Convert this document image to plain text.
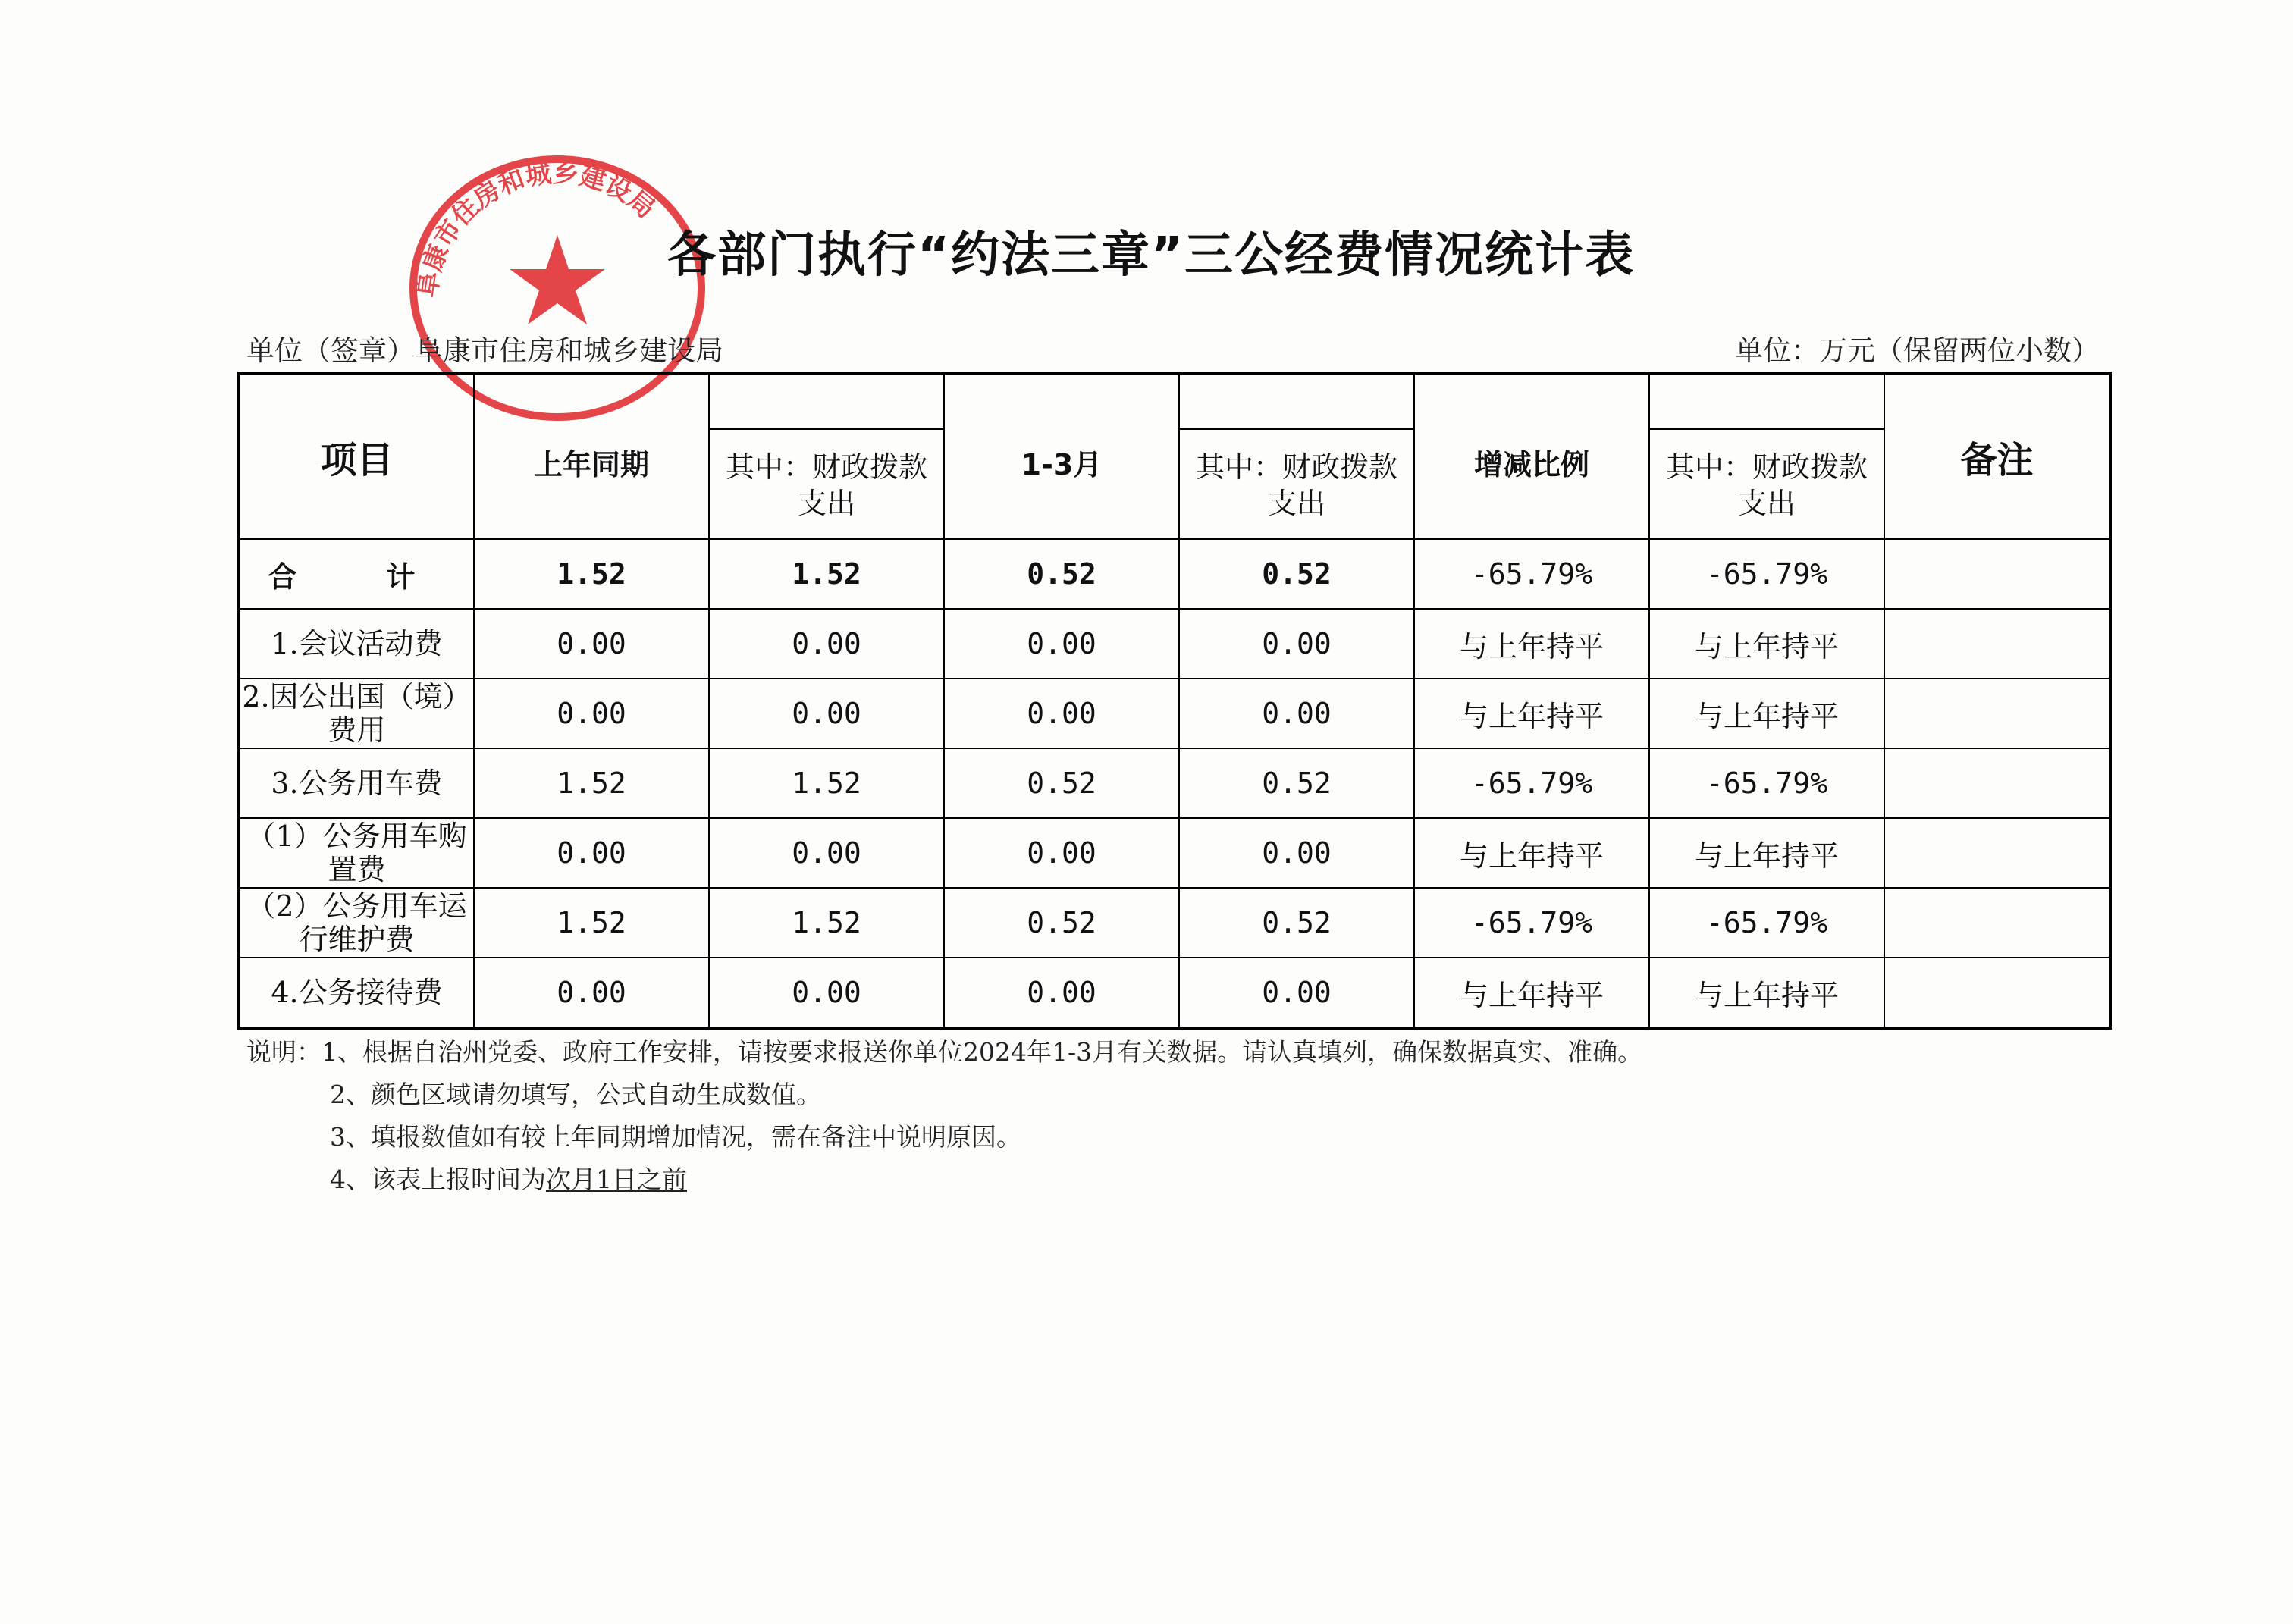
阜康市住房和城乡建设局
各部门执行“约法三章”三公经费情况统计表
单位（签章）阜康市住房和城乡建设局	单位：万元（保留两位小数）
项目	上年同期	其中：财政拨款支出	1-3月	其中：财政拨款支出	增减比例	其中：财政拨款支出	备注
合　计	1.52	1.52	0.52	0.52	-65.79%	-65.79%	
1.会议活动费	0.00	0.00	0.00	0.00	与上年持平	与上年持平	
2.因公出国（境）费用	0.00	0.00	0.00	0.00	与上年持平	与上年持平	
3.公务用车费	1.52	1.52	0.52	0.52	-65.79%	-65.79%	
（1）公务用车购置费	0.00	0.00	0.00	0.00	与上年持平	与上年持平	
（2）公务用车运行维护费	1.52	1.52	0.52	0.52	-65.79%	-65.79%	
4.公务接待费	0.00	0.00	0.00	0.00	与上年持平	与上年持平	
说明：1、根据自治州党委、政府工作安排，请按要求报送你单位2024年1-3月有关数据。请认真填列，确保数据真实、准确。
2、颜色区域请勿填写，公式自动生成数值。
3、填报数值如有较上年同期增加情况，需在备注中说明原因。
4、该表上报时间为次月1日之前
